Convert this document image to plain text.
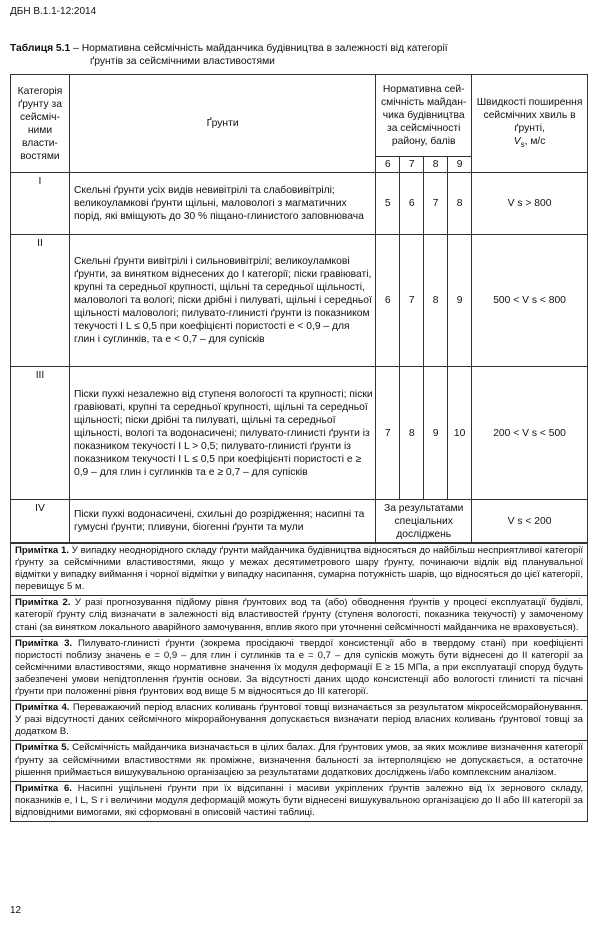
ДБН В.1.1-12:2014
Таблиця 5.1 – Нормативна сейсмічність майданчика будівництва в залежності від категорії
ґрунтів за сейсмічними властивостями
Категорія ґрунту за сейсміч-ними власти-востями	Ґрунти	Нормативна сей-смічність майдан-чика будівництва за сейсмічності району, балів				Швидкості поширення сейсмічних хвиль в ґрунті,
$V_s$, м/с
		6	7	8	9	
I	Скельні ґрунти усіх видів невивітрілі та слабовивітрілі; великоуламкові ґрунти щільні, маловологі з магматичних порід, які вміщують до 30 % піщано-глинистого заповнювача	5	6	7	8	V s > 800
II	Скельні ґрунти вивітрілі і сильновивітрілі; великоуламкові ґрунти, за винятком віднесених до І категорії; піски гравіюваті, крупні та середньої крупності, щільні та середньої щільності, маловологі та вологі; піски дрібні і пилуваті, щільні і середньої щільності маловологі; пилувато-глинисті ґрунти із показником текучості I L ≤ 0,5 при коефіцієнті пористості e < 0,9 – для глин і суглинків, та e < 0,7 – для супісків	6	7	8	9	500 < V s < 800
III	Піски пухкі незалежно від ступеня вологості та крупності; піски гравіюваті, крупні та середньої крупності, щільні та середньої щільності; піски дрібні та пилуваті, щільні та середньої щільності, вологі та водонасичені; пилувато-глинисті ґрунти із показником текучості I L > 0,5; пилувато-глинисті ґрунти із показником текучості I L ≤ 0,5 при коефіцієнті пористості e ≥ 0,9 – для глин і суглинків та e ≥ 0,7 – для супісків	7	8	9	10	200 < V s < 500
IV	Піски пухкі водонасичені, схильні до розрідження; насипні та гумусні ґрунти; пливуни, біогенні ґрунти та мули	За результатами спеціальних досліджень				V s < 200
Примітка 1. У випадку неоднорідного складу ґрунти майданчика будівництва відносяться до найбільш несприятливої категорії ґрунту за сейсмічними властивостями, якщо у межах десятиметрового шару ґрунту, починаючи відлік від планувальної відмітки у випадку виймання і чорної відмітки у випадку насипання, сумарна потужність шарів, що відносяться до цієї категорії, перевищує 5 м.
Примітка 2. У разі прогнозування підйому рівня ґрунтових вод та (або) обводнення ґрунтів у процесі експлуатації будівлі, категорії ґрунту слід визначати в залежності від властивостей ґрунту (ступеня вологості, показника текучості) у замоченому стані (за винятком локального аварійного замочування, вплив якого при уточненні сейсмічності майданчика не враховується).
Примітка 3. Пилувато-глинисті ґрунти (зокрема просідаючі твердої консистенції або в твердому стані) при коефіцієнті пористості поблизу значень e = 0,9 – для глин і суглинків та e = 0,7 – для супісків можуть бути віднесені до ІІ категорії за сейсмічними властивостями, якщо нормативне значення їх модуля деформації E ≥ 15 МПа, а при експлуатації споруд будуть забезпечені умови непідтоплення ґрунтів основи. За відсутності даних щодо консистенції або вологості глинисті та пісчані ґрунти при положенні рівня ґрунтових вод вище 5 м відносяться до ІІІ категорії.
Примітка 4. Переважаючий період власних коливань ґрунтової товщі визначається за результатом мікросейсморайонування. У разі відсутності даних сейсмічного мікрорайонування допускається визначати період власних коливань ґрунтової товщі за додатком В.
Примітка 5. Сейсмічність майданчика визначається в цілих балах. Для ґрунтових умов, за яких можливе визначення категорії ґрунту за сейсмічними властивостями як проміжне, визначення бальності за інтерполяцією не допускається, а остаточне рішення приймається вишукувальною організацією за результатами додаткових досліджень і/або комплексним аналізом.
Примітка 6. Насипні ущільнені ґрунти при їх відсипанні і масиви укріплених ґрунтів залежно від їх зернового складу, показників e, I L, S r і величини модуля деформацій можуть бути віднесені вишукувальною організацією до ІІ або ІІІ категорії за відповідними вимогами, які сформовані в описовій частині таблиці.
12
